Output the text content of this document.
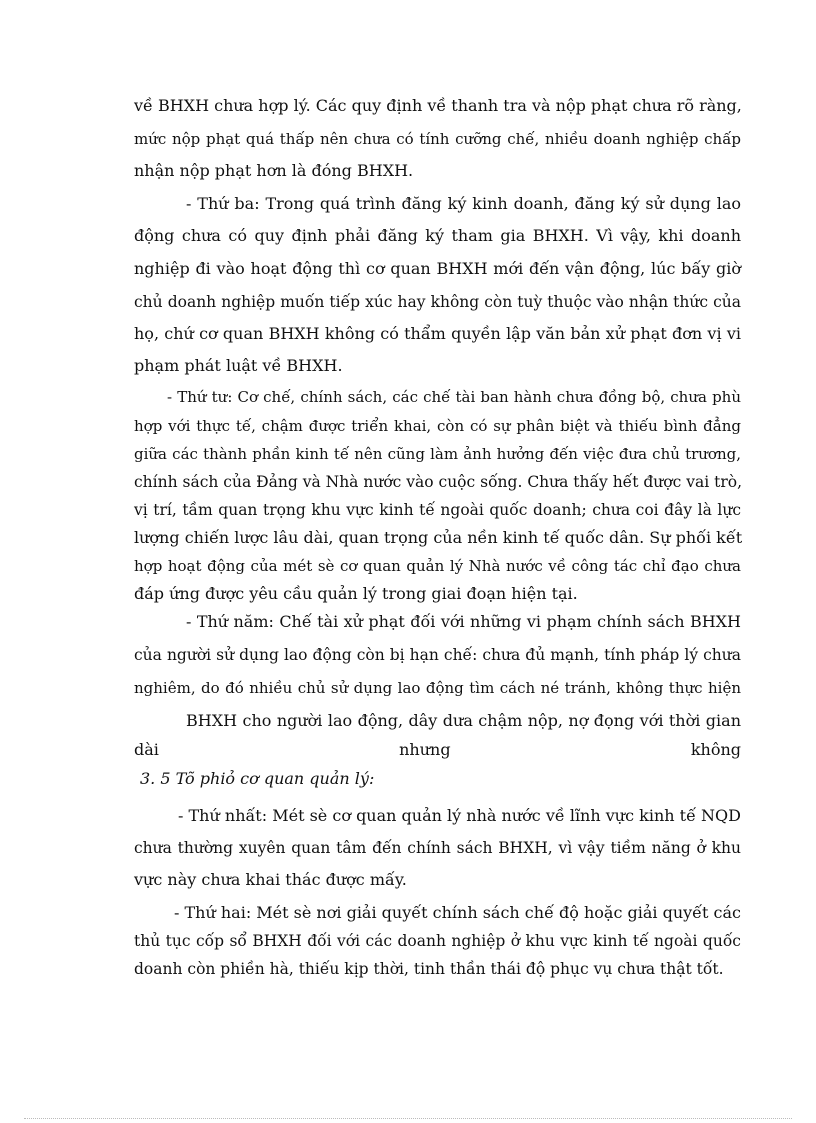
về BHXH chưa hợp lý. Các quy định về thanh tra và nộp phạt chưa rõ ràng,
mức nộp phạt quá thấp nên chưa có tính cưỡng chế, nhiều doanh nghiệp chấp
nhận nộp phạt hơn là đóng BHXH.
- Thứ ba: Trong quá trình đăng ký kinh doanh, đăng ký sử dụng lao
động chưa có quy định phải đăng ký tham gia BHXH. Vì vậy, khi doanh
nghiệp đi vào hoạt động thì cơ quan BHXH mới đến vận động, lúc bấy giờ
chủ doanh nghiệp muốn tiếp xúc hay không còn tuỳ thuộc vào nhận thức của
họ, chứ cơ quan BHXH không có thẩm quyền lập văn bản xử phạt đơn vị vi
phạm phát luật về BHXH.
- Thứ tư: Cơ chế, chính sách, các chế tài ban hành chưa đồng bộ, chưa phù
hợp với thực tế, chậm được triển khai, còn có sự phân biệt và thiếu bình đẳng
giữa các thành phần kinh tế nên cũng làm ảnh hưởng đến việc đưa chủ trương,
chính sách của Đảng và Nhà nước vào cuộc sống. Chưa thấy hết được vai trò,
vị trí, tầm quan trọng khu vực kinh tế ngoài quốc doanh; chưa coi đây là lực
lượng chiến lược lâu dài, quan trọng của nền kinh tế quốc dân. Sự phối kết
hợp hoạt động của mét sè cơ quan quản lý Nhà nước về công tác chỉ đạo chưa
đáp ứng được yêu cầu quản lý trong giai đoạn hiện tại.
- Thứ năm: Chế tài xử phạt đối với những vi phạm chính sách BHXH
của người sử dụng lao động còn bị hạn chế: chưa đủ mạnh, tính pháp lý chưa
nghiêm, do đó nhiều chủ sử dụng lao động tìm cách né tránh, không thực hiện
BHXH cho người lao động, dây dưa chậm nộp, nợ đọng với thời gian
dài nhưng không
3. 5 Tõ phiỏ cơ quan quản lý:
- Thứ nhất: Mét sè cơ quan quản lý nhà nước về lĩnh vực kinh tế NQD
chưa thường xuyên quan tâm đến chính sách BHXH, vì vậy tiềm năng ở khu
vực này chưa khai thác được mấy.
- Thứ hai: Mét sè nơi giải quyết chính sách chế độ hoặc giải quyết các
thủ tục cốp sổ BHXH đối với các doanh nghiệp ở khu vực kinh tế ngoài quốc
doanh còn phiền hà, thiếu kịp thời, tinh thần thái độ phục vụ chưa thật tốt.
